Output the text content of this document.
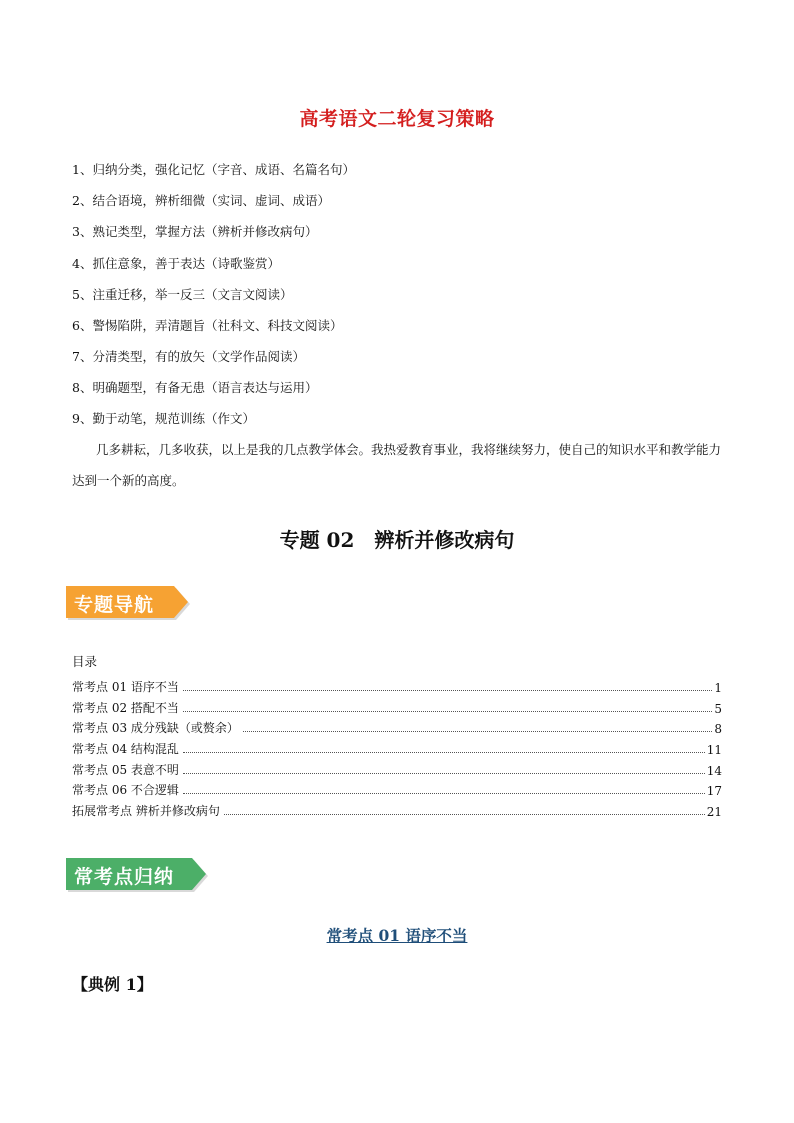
高考语文二轮复习策略
1、归纳分类，强化记忆（字音、成语、名篇名句）
2、结合语境，辨析细微（实词、虚词、成语）
3、熟记类型，掌握方法（辨析并修改病句）
4、抓住意象，善于表达（诗歌鉴赏）
5、注重迁移，举一反三（文言文阅读）
6、警惕陷阱，弄清题旨（社科文、科技文阅读）
7、分清类型，有的放矢（文学作品阅读）
8、明确题型，有备无患（语言表达与运用）
9、勤于动笔，规范训练（作文）
几多耕耘，几多收获，以上是我的几点教学体会。我热爱教育事业，我将继续努力，使自己的知识水平和教学能力达到一个新的高度。
专题 02　辨析并修改病句
专题导航
目录
常考点 01 语序不当	1
常考点 02 搭配不当	5
常考点 03 成分残缺（或赘余）	8
常考点 04 结构混乱	11
常考点 05 表意不明	14
常考点 06 不合逻辑	17
拓展常考点 辨析并修改病句	21
常考点归纳
常考点 01 语序不当
【典例 1】
